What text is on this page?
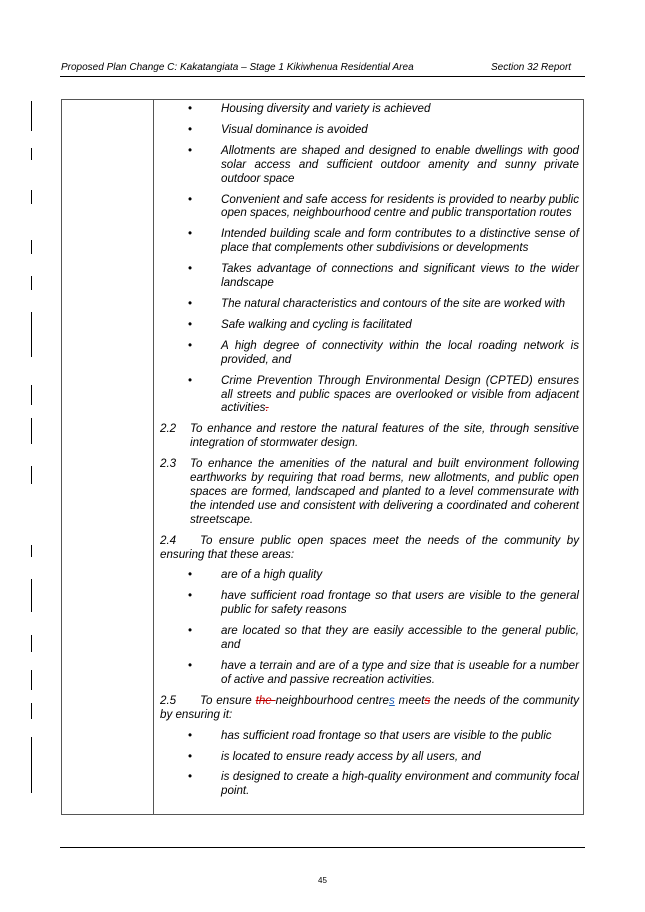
Proposed Plan Change C: Kakatangiata – Stage 1 Kikiwhenua Residential Area	Section 32 Report
• Housing diversity and variety is achieved
• Visual dominance is avoided
• Allotments are shaped and designed to enable dwellings with good solar access and sufficient outdoor amenity and sunny private outdoor space
• Convenient and safe access for residents is provided to nearby public open spaces, neighbourhood centre and public transportation routes
• Intended building scale and form contributes to a distinctive sense of place that complements other subdivisions or developments
• Takes advantage of connections and significant views to the wider landscape
• The natural characteristics and contours of the site are worked with
• Safe walking and cycling is facilitated
• A high degree of connectivity within the local roading network is provided, and
• Crime Prevention Through Environmental Design (CPTED) ensures all streets and public spaces are overlooked or visible from adjacent activities.
2.2 To enhance and restore the natural features of the site, through sensitive integration of stormwater design.
2.3 To enhance the amenities of the natural and built environment following earthworks by requiring that road berms, new allotments, and public open spaces are formed, landscaped and planted to a level commensurate with the intended use and consistent with delivering a coordinated and coherent streetscape.
2.4 To ensure public open spaces meet the needs of the community by ensuring that these areas:
• are of a high quality
• have sufficient road frontage so that users are visible to the general public for safety reasons
• are located so that they are easily accessible to the general public, and
• have a terrain and are of a type and size that is useable for a number of active and passive recreation activities.
2.5 To ensure the neighbourhood centres meets the needs of the community by ensuring it:
• has sufficient road frontage so that users are visible to the public
• is located to ensure ready access by all users, and
• is designed to create a high-quality environment and community focal point.
45
